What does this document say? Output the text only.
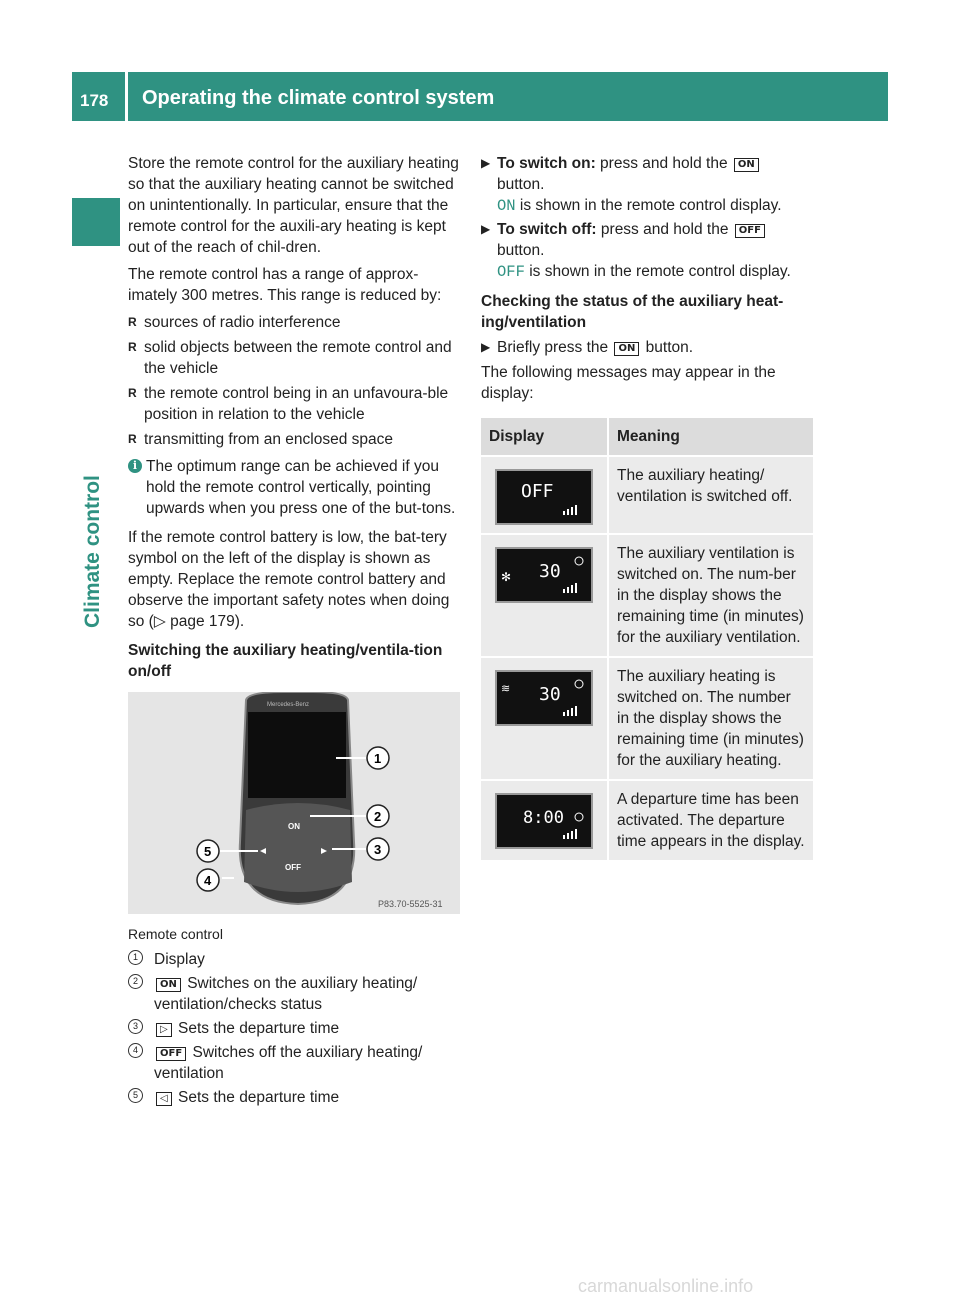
178 Operating the climate control system
Climate control

Store the remote control for the auxiliary heating so that the auxiliary heating cannot be switched on unintentionally. In particular, ensure that the remote control for the auxili-ary heating is kept out of the reach of chil-dren.

The remote control has a range of approx-imately 300 metres. This range is reduced by:

R sources of radio interference
R solid objects between the remote control and the vehicle
R the remote control being in an unfavoura-ble position in relation to the vehicle
R transmitting from an enclosed space
i The optimum range can be achieved if you hold the remote control vertically, pointing upwards when you press one of the but-tons.

If the remote control battery is low, the bat-tery symbol on the left of the display is shown as empty. Replace the remote control battery and observe the important safety notes when doing so (▷ page 179).

Switching the auxiliary heating/ventila-tion on/off
Mercedes-Benz
ON
OFF
1
2
3
4
5
P83.70-5525-31
Remote control
1	Display
2	ON Switches on the auxiliary heating/ ventilation/checks status
3	▷ Sets the departure time
4	OFF Switches off the auxiliary heating/ ventilation
5	◁ Sets the departure time
▶ To switch on: press and hold the ON
button.
ON is shown in the remote control display.
▶ To switch off: press and hold the OFF
button.
OFF is shown in the remote control display.
Checking the status of the auxiliary heat-ing/ventilation
▶ Briefly press the ON button.

The following messages may appear in the display:

Display	Meaning

OFF	The auxiliary heating/ ventilation is switched off.

✻ 30	The auxiliary ventilation is switched on. The num-ber in the display shows the remaining time (in minutes) for the auxiliary ventilation.

≋ 30	The auxiliary heating is switched on. The number in the display shows the remaining time (in minutes) for the auxiliary heating.

8:00	A departure time has been activated. The departure time appears in the display.
carmanualsonline.info
